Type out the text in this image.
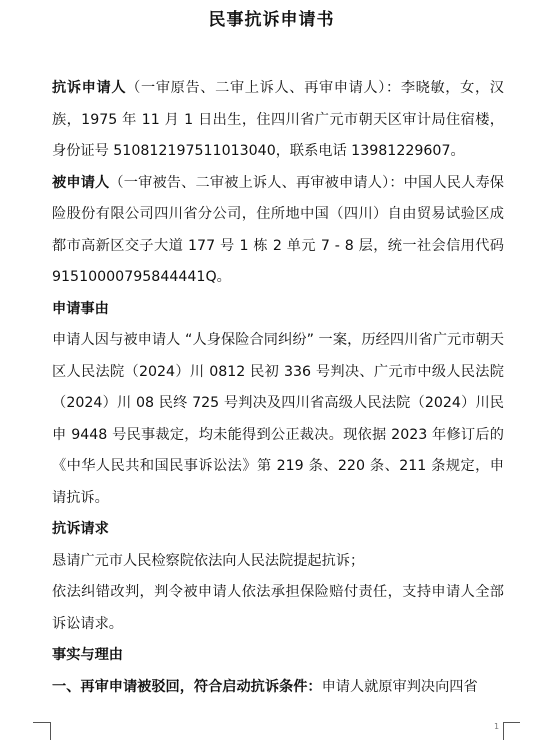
民事抗诉申请书

抗诉申请人（一审原告、二审上诉人、再审申请人）：李晓敏，女，汉族，1975 年 11 月 1 日出生，住四川省广元市朝天区审计局住宿楼，身份证号 510812197511013040，联系电话 13981229607。

被申请人（一审被告、二审被上诉人、再审被申请人）：中国人民人寿保险股份有限公司四川省分公司，住所地中国（四川）自由贸易试验区成都市高新区交子大道 177 号 1 栋 2 单元 7 - 8 层，统一社会信用代码 91510000795844441Q。

申请事由

申请人因与被申请人 “人身保险合同纠纷” 一案，历经四川省广元市朝天区人民法院（2024）川 0812 民初 336 号判决、广元市中级人民法院（2024）川 08 民终 725 号判决及四川省高级人民法院（2024）川民申 9448 号民事裁定，均未能得到公正裁决。现依据 2023 年修订后的《中华人民共和国民事诉讼法》第 219 条、220 条、211 条规定，申请抗诉。

抗诉请求

恳请广元市人民检察院依法向人民法院提起抗诉；

依法纠错改判，判令被申请人依法承担保险赔付责任，支持申请人全部诉讼请求。

事实与理由

一、再审申请被驳回，符合启动抗诉条件：申请人就原审判决向四省

1
